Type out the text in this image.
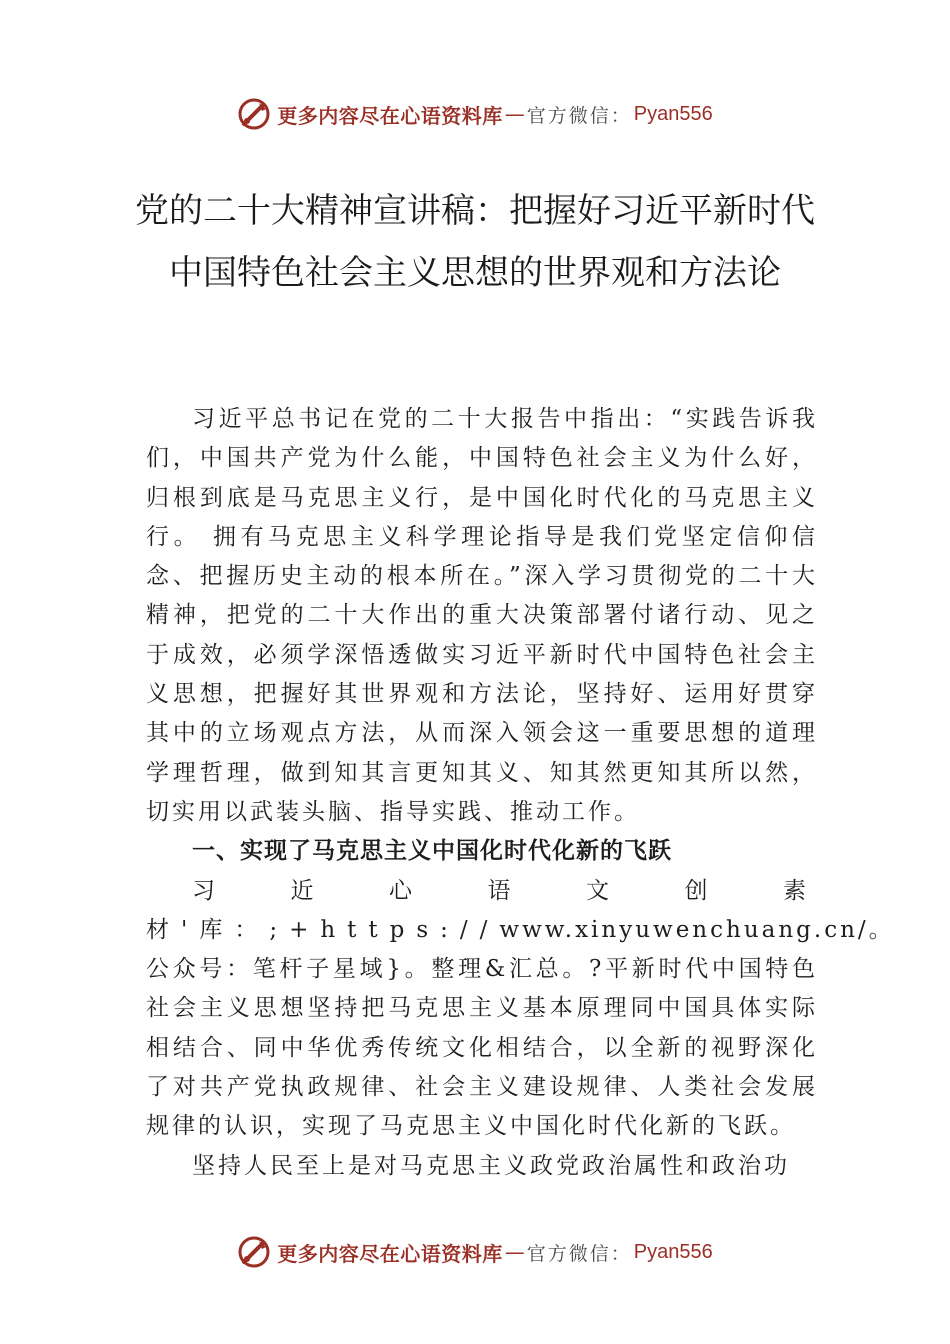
更多内容尽在心语资料库 — 官方微信 ： Pyan556
党的二十大精神宣讲稿：把握好习近平新时代中国特色社会主义思想的世界观和方法论

习近平总书记在党的二十大报告中指出：“实践告诉我们，中国共产党为什么能，中国特色社会主义为什么好，归根到底是马克思主义行，是中国化时代化的马克思主义行。 拥有马克思主义科学理论指导是我们党坚定信仰信念、把握历史主动的根本所在。”深入学习贯彻党的二十大精神，把党的二十大作出的重大决策部署付诸行动、见之于成效，必须学深悟透做实习近平新时代中国特色社会主义思想，把握好其世界观和方法论，坚持好、运用好贯穿其中的立场观点方法，从而深入领会这一重要思想的道理学理哲理，做到知其言更知其义、知其然更知其所以然，切实用以武装头脑、指导实践、推动工作。

一、实现了马克思主义中国化时代化新的飞跃

习近心语文创素材'库：;+https://www.xinyuwenchuang.cn/。公众号：笔杆子星域}。整理&汇总。?平新时代中国特色社会主义思想坚持把马克思主义基本原理同中国具体实际相结合、同中华优秀传统文化相结合，以全新的视野深化了对共产党执政规律、社会主义建设规律、人类社会发展规律的认识，实现了马克思主义中国化时代化新的飞跃。

坚持人民至上是对马克思主义政党政治属性和政治功

更多内容尽在心语资料库 — 官方微信 ： Pyan556
